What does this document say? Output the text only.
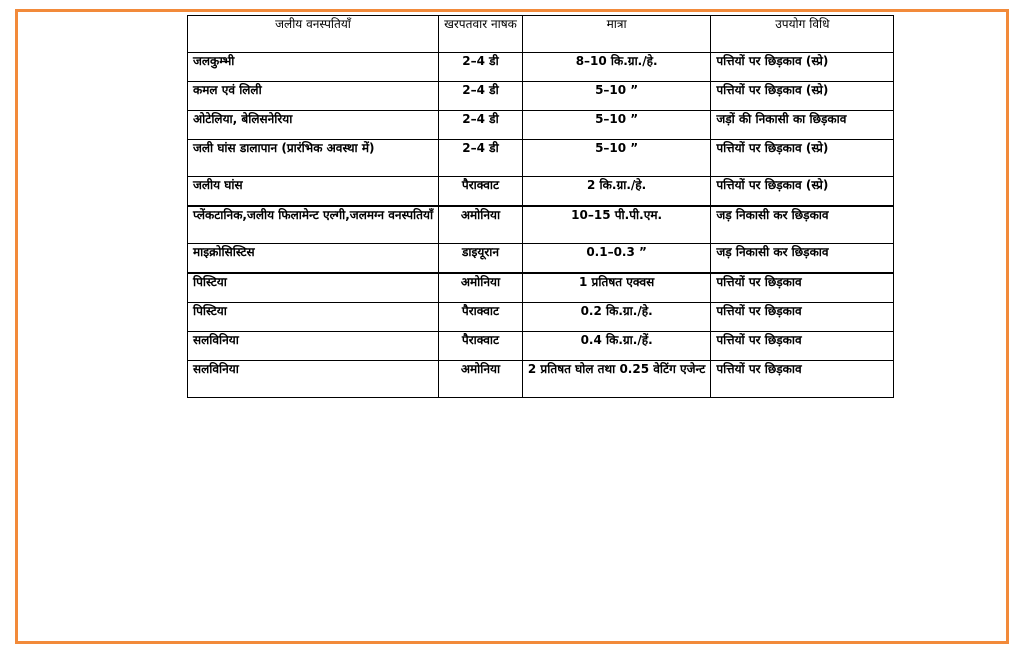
जलीय वनस्पतियाँ	खरपतवार नाषक	मात्रा	उपयोग विधि
जलकुम्भी	2–4 डी	8–10 कि.ग्रा./हे.	पत्तियों पर छिड़काव (स्प्रे)
कमल एवं लिली	2–4 डी	5–10 ”	पत्तियों पर छिड़काव (स्प्रे)
ओटेलिया, बेलिसनेरिया	2–4 डी	5–10 ”	जड़ों की निकासी का छिड़काव
जली घांस डालापान (प्रारंभिक अवस्था में)	2–4 डी	5–10 ”	पत्तियों पर छिड़काव (स्प्रे)
जलीय घांस	पैराक्वाट	2 कि.ग्रा./हे.	पत्तियों पर छिड़काव (स्प्रे)
प्लेंकटानिक,जलीय फिलामेन्ट एल्गी,जलमग्न वनस्पतियाँ	अमोनिया	10–15 पी.पी.एम.	जड़ निकासी कर छिड़काव
माइक्रोसिस्टिस	डाइयूरान	0.1–0.3 ”	जड़ निकासी कर छिड़काव
पिस्टिया	अमोनिया	1 प्रतिषत एक्वस	पत्तियों पर छिड़काव
पिस्टिया	पैराक्वाट	0.2 कि.ग्रा./हे.	पत्तियों पर छिड़काव
सलविनिया	पैराक्वाट	0.4 कि.ग्रा./हें.	पत्तियों पर छिड़काव
सलविनिया	अमोनिया	2 प्रतिषत घोल तथा 0.25 वेटिंग एजेन्ट	पत्तियों पर छिड़काव
